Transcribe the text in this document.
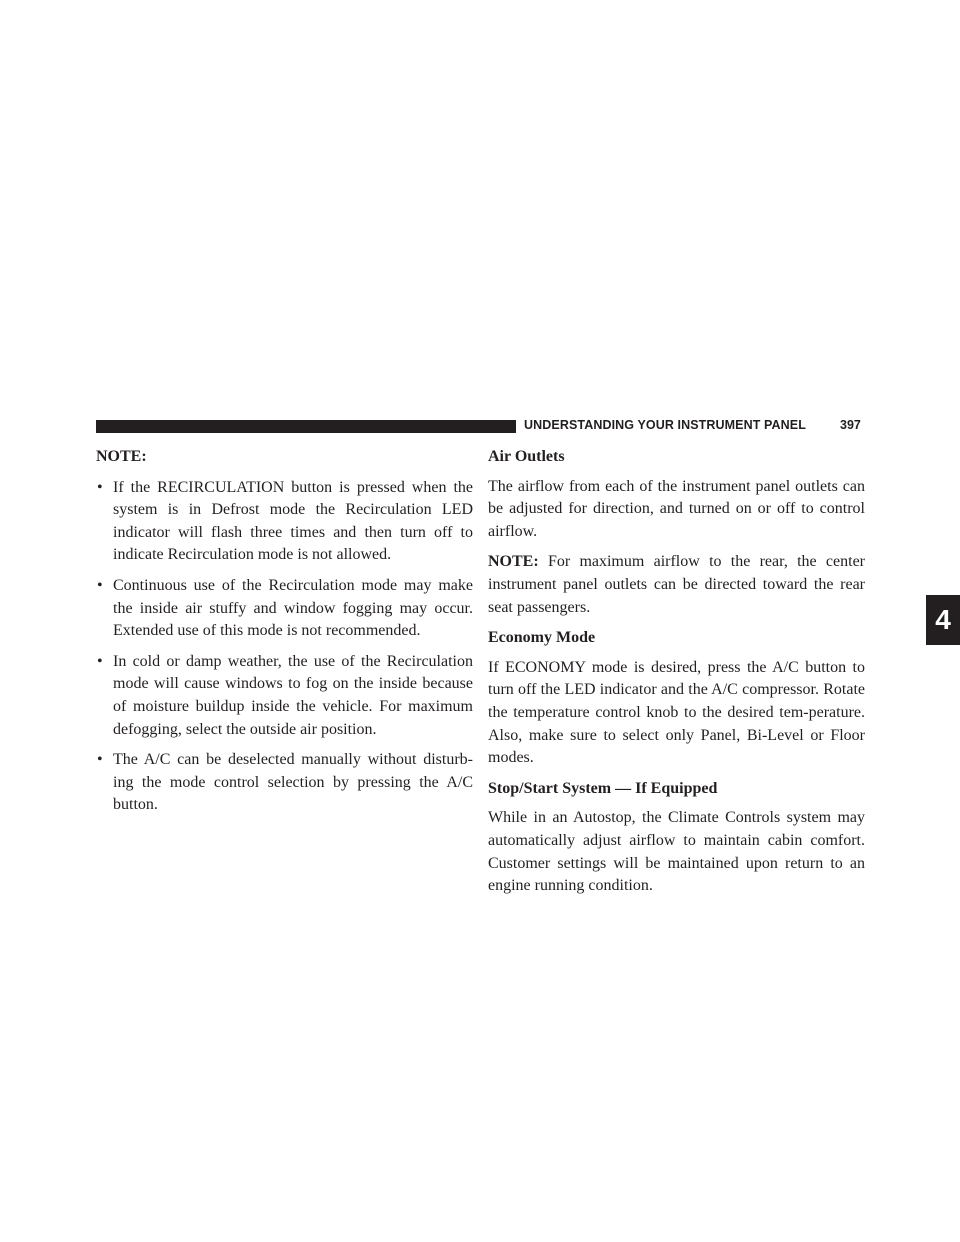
UNDERSTANDING YOUR INSTRUMENT PANEL	397
4
NOTE:
• If the RECIRCULATION button is pressed when the system is in Defrost mode the Recirculation LED indicator will flash three times and then turn off to indicate Recirculation mode is not allowed.
• Continuous use of the Recirculation mode may make the inside air stuffy and window fogging may occur. Extended use of this mode is not recommended.
• In cold or damp weather, the use of the Recirculation mode will cause windows to fog on the inside because of moisture buildup inside the vehicle. For maximum defogging, select the outside air position.
• The A/C can be deselected manually without disturb-ing the mode control selection by pressing the A/C button.
Air Outlets

The airflow from each of the instrument panel outlets can be adjusted for direction, and turned on or off to control airflow.

NOTE: For maximum airflow to the rear, the center instrument panel outlets can be directed toward the rear seat passengers.

Economy Mode

If ECONOMY mode is desired, press the A/C button to turn off the LED indicator and the A/C compressor. Rotate the temperature control knob to the desired tem-perature. Also, make sure to select only Panel, Bi-Level or Floor modes.

Stop/Start System — If Equipped

While in an Autostop, the Climate Controls system may automatically adjust airflow to maintain cabin comfort. Customer settings will be maintained upon return to an engine running condition.
